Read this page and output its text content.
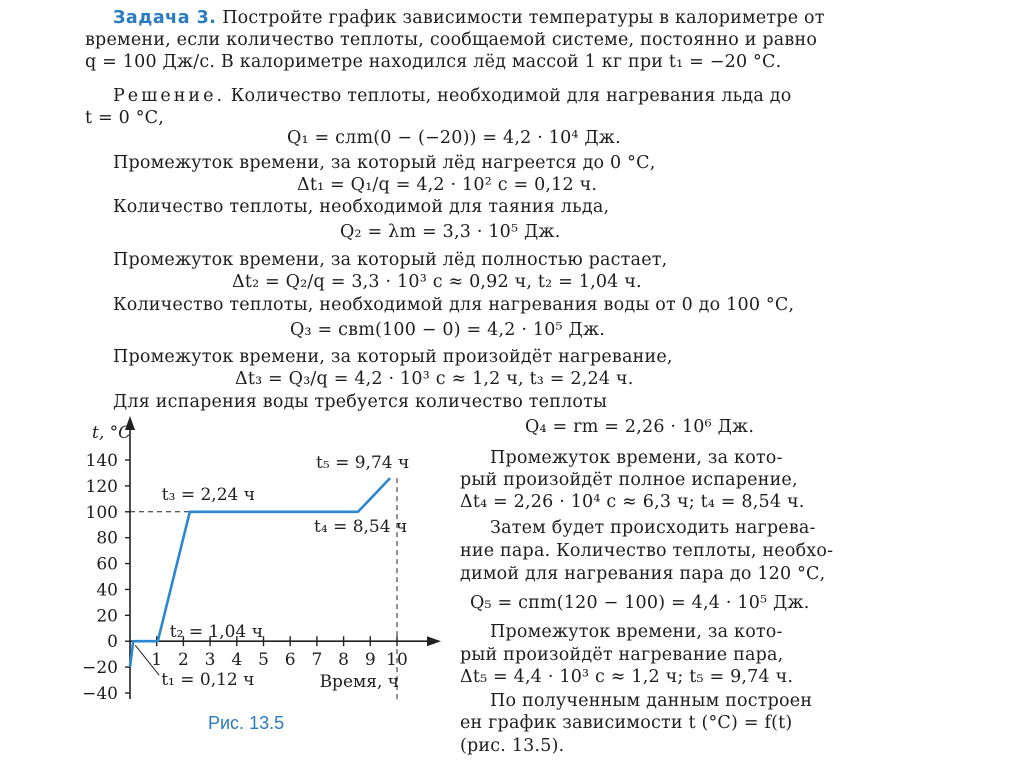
Задача 3. Постройте график зависимости температуры в калориметре от
времени, если количество теплоты, сообщаемой системе, постоянно и равно
q = 100 Дж/с. В калориметре находился лёд массой 1 кг при t₁ = −20 °С.
Решение. Количество теплоты, необходимой для нагревания льда до
t = 0 °С,
Q₁ = cлm(0 − (−20)) = 4,2 · 10⁴ Дж.
Промежуток времени, за который лёд нагреется до 0 °С,
Δt₁ = Q₁/q = 4,2 · 10² с = 0,12 ч.
Количество теплоты, необходимой для таяния льда,
Q₂ = λm = 3,3 · 10⁵ Дж.
Промежуток времени, за который лёд полностью растает,
Δt₂ = Q₂/q = 3,3 · 10³ с ≈ 0,92 ч, t₂ = 1,04 ч.
Количество теплоты, необходимой для нагревания воды от 0 до 100 °С,
Q₃ = cвm(100 − 0) = 4,2 · 10⁵ Дж.
Промежуток времени, за который произойдёт нагревание,
Δt₃ = Q₃/q = 4,2 · 10³ с ≈ 1,2 ч, t₃ = 2,24 ч.
Для испарения воды требуется количество теплоты
Q₄ = rm = 2,26 · 10⁶ Дж.
Промежуток времени, за кото-
рый произойдёт полное испарение,
Δt₄ = 2,26 · 10⁴ с ≈ 6,3 ч; t₄ = 8,54 ч.
Затем будет происходить нагрева-
ние пара. Количество теплоты, необхо-
димой для нагревания пара до 120 °С,
Q₅ = cпm(120 − 100) = 4,4 · 10⁵ Дж.
Промежуток времени, за кото-
рый произойдёт нагревание пара,
Δt₅ = 4,4 · 10³ с ≈ 1,2 ч; t₅ = 9,74 ч.
По полученным данным построен
ен график зависимости t (°С) = f(t)
(рис. 13.5).
140
120
100
80
60
40
20
0
−20
−40
1 2 3 4 5 6 7 8 9 10
t, °С
Время, ч
t₁ = 0,12 ч
t₂ = 1,04 ч
t₃ = 2,24 ч
t₄ = 8,54 ч
t₅ = 9,74 ч
Рис. 13.5
